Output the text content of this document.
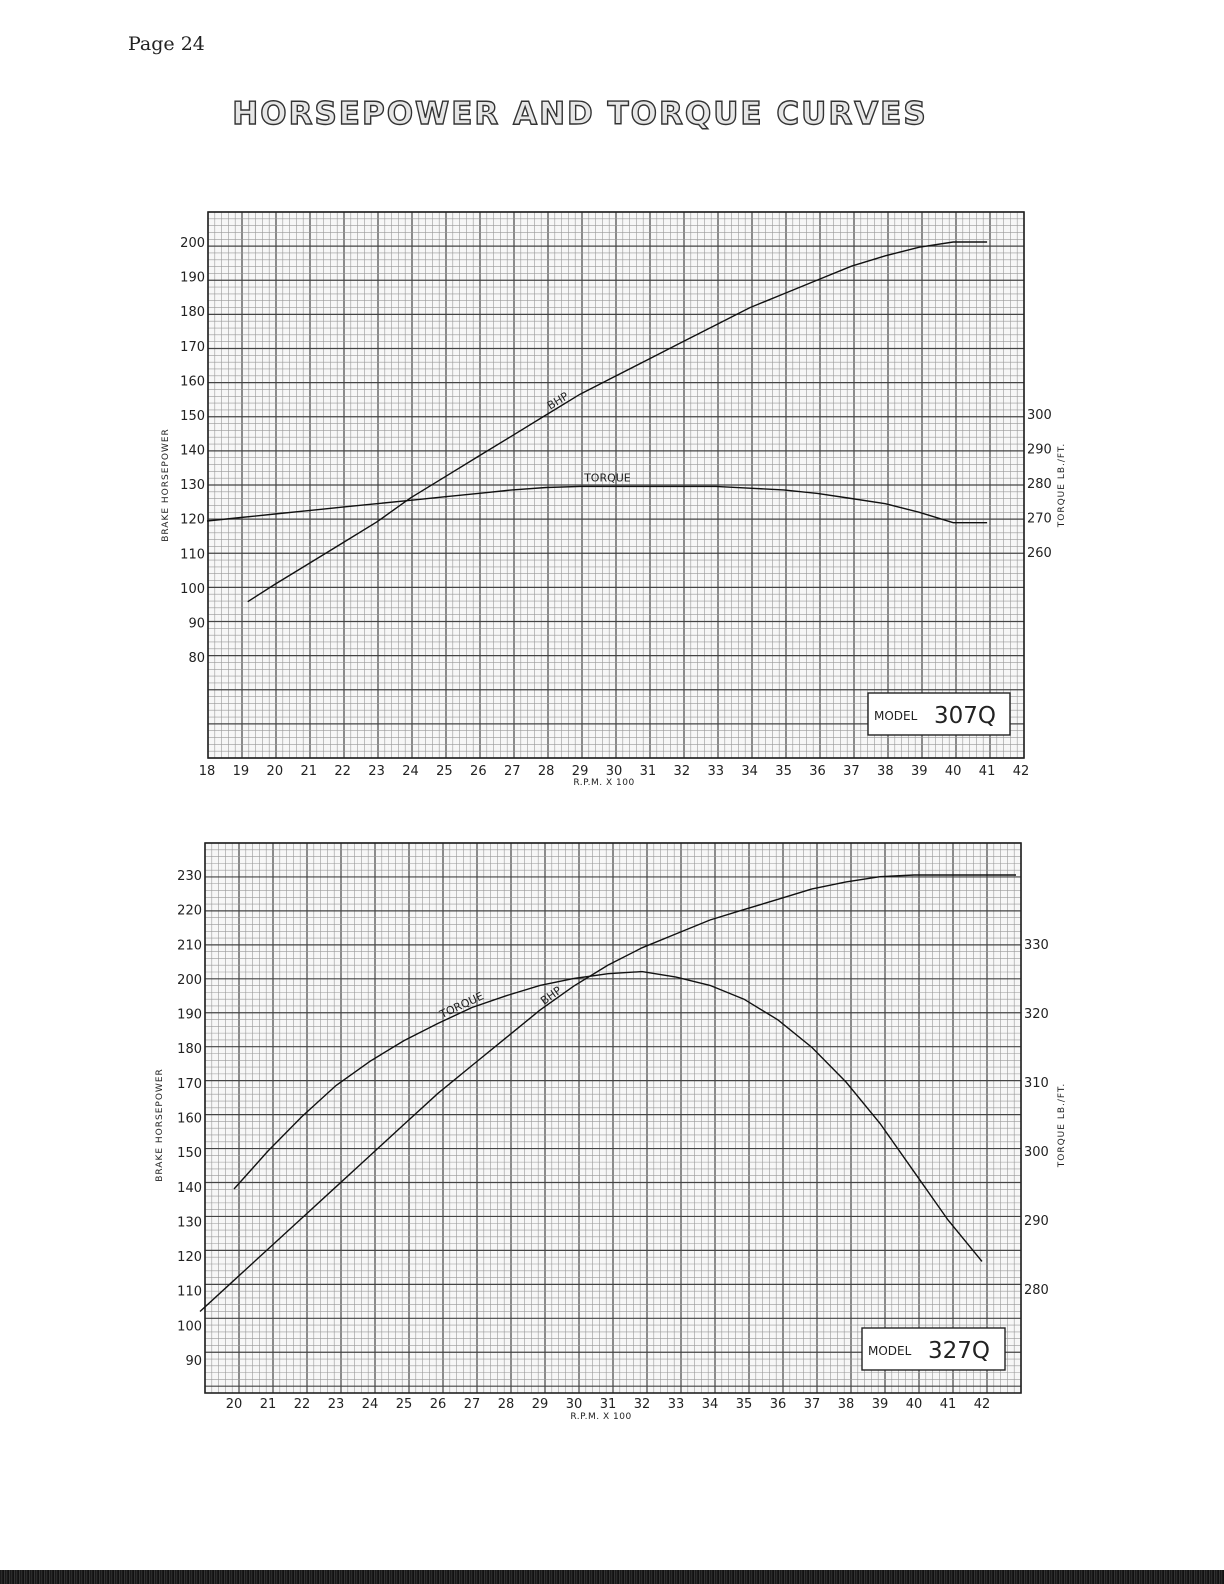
Page 24
HORSEPOWER AND TORQUE CURVES
80
90
100
110
120
130
140
150
160
170
180
190
200
260
270
280
290
300
18 19 20 21 22 23 24 25 26 27 28 29 30 31 32 33 34 35 36 37 38 39 40 41 42
R.P.M. X 100
BRAKE HORSEPOWER	TORQUE LB./FT.
BHP
TORQUE
MODEL 307Q
90
100
110
120
130
140
150
160
170
180
190
200
210
220
230
280
290
300
310
320
330
20 21 22 23 24 25 26 27 28 29 30 31 32 33 34 35 36 37 38 39 40 41 42
R.P.M. X 100
BRAKE HORSEPOWER	TORQUE LB./FT.
BHP
TORQUE
MODEL 327Q
